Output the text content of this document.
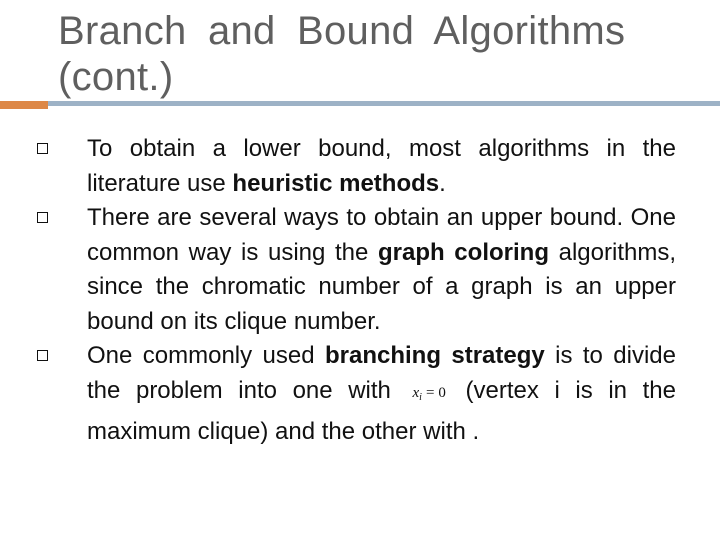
Branch and Bound Algorithms (cont.)
To obtain a lower bound, most algorithms in the literature use heuristic methods.
There are several ways to obtain an upper bound. One common way is using the graph coloring algorithms, since the chromatic number of a graph is an upper bound on its clique number.
One commonly used branching strategy is to divide the problem into one with $x_i = 0$ (vertex i is in the maximum clique) and the other with .
